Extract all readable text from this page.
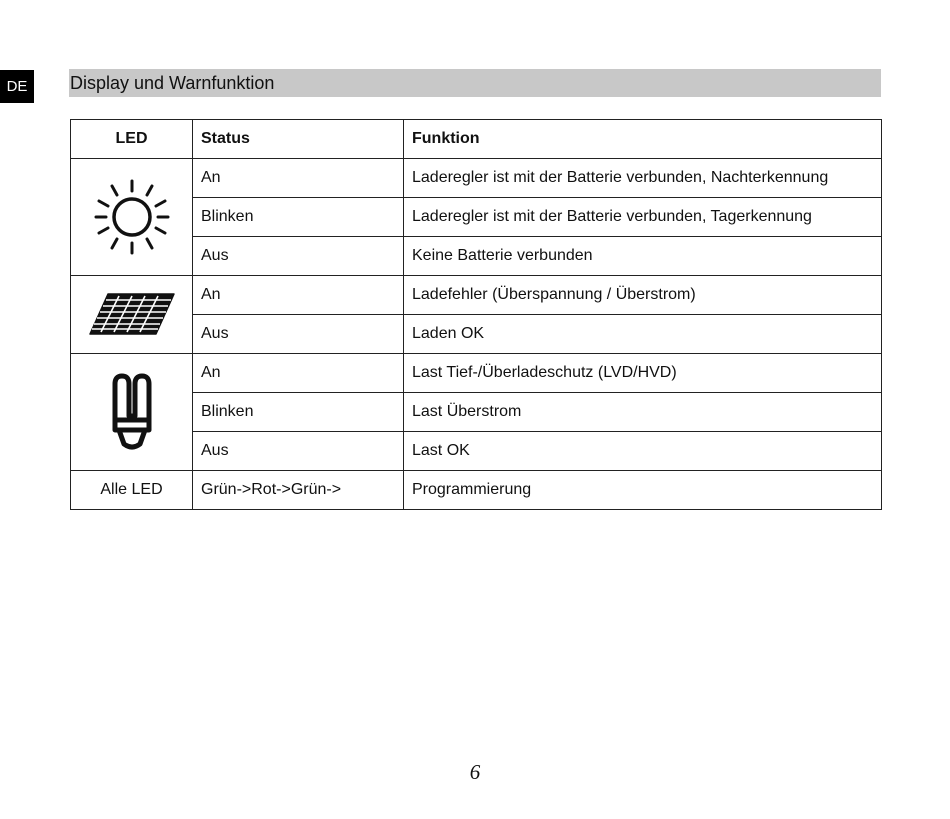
DE	Display und Warnfunktion
LED	Status	Funktion

	An	Laderegler ist mit der Batterie verbunden, Nachterkennung
	Blinken	Laderegler ist mit der Batterie verbunden, Tagerkennung
	Aus	Keine Batterie verbunden

	An	Ladefehler (Überspannung / Überstrom)
	Aus	Laden OK

	An	Last Tief-/Überladeschutz (LVD/HVD)
	Blinken	Last Überstrom
	Aus	Last OK
Alle LED	Grün->Rot->Grün->	Programmierung
6
